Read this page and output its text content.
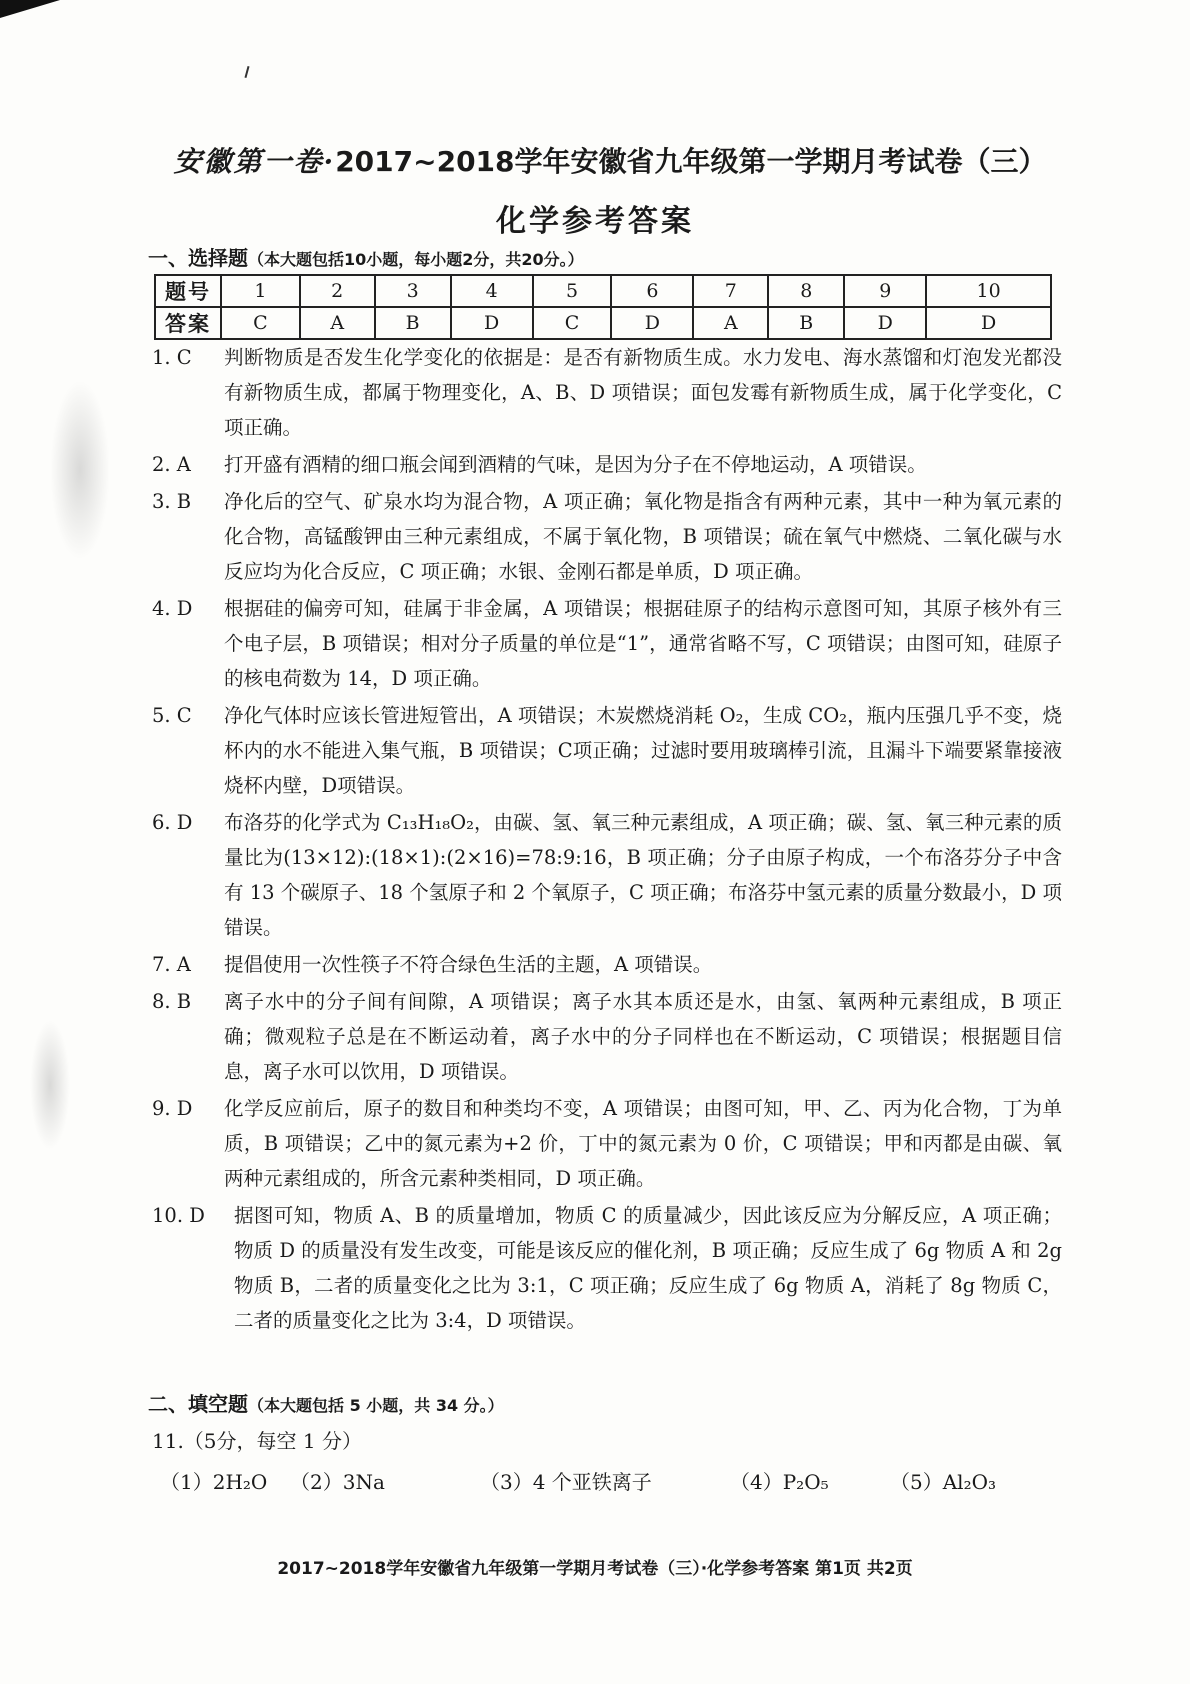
安徽第一卷· 2017~2018学年安徽省九年级第一学期月考试卷（三）
化学参考答案
一、选择题（本大题包括10小题，每小题2分，共20分。）
题号	1	2	3	4	5	6	7	8	9	10
答案	C	A	B	D	C	D	A	B	D	D
1. C	判断物质是否发生化学变化的依据是：是否有新物质生成。水力发电、海水蒸馏和灯泡发光都没有新物质生成，都属于物理变化，A、B、D 项错误；面包发霉有新物质生成，属于化学变化，C 项正确。
2. A	打开盛有酒精的细口瓶会闻到酒精的气味，是因为分子在不停地运动，A 项错误。
3. B	净化后的空气、矿泉水均为混合物，A 项正确；氧化物是指含有两种元素，其中一种为氧元素的化合物，高锰酸钾由三种元素组成，不属于氧化物，B 项错误；硫在氧气中燃烧、二氧化碳与水反应均为化合反应，C 项正确；水银、金刚石都是单质，D 项正确。
4. D	根据硅的偏旁可知，硅属于非金属，A 项错误；根据硅原子的结构示意图可知，其原子核外有三个电子层，B 项错误；相对分子质量的单位是“1”，通常省略不写，C 项错误；由图可知，硅原子的核电荷数为 14，D 项正确。
5. C	净化气体时应该长管进短管出，A 项错误；木炭燃烧消耗 O₂，生成 CO₂，瓶内压强几乎不变，烧杯内的水不能进入集气瓶，B 项错误；C项正确；过滤时要用玻璃棒引流，且漏斗下端要紧靠接液烧杯内壁，D项错误。
6. D	布洛芬的化学式为 C₁₃H₁₈O₂，由碳、氢、氧三种元素组成，A 项正确；碳、氢、氧三种元素的质量比为(13×12):(18×1):(2×16)=78:9:16，B 项正确；分子由原子构成，一个布洛芬分子中含有 13 个碳原子、18 个氢原子和 2 个氧原子，C 项正确；布洛芬中氢元素的质量分数最小，D 项错误。
7. A	提倡使用一次性筷子不符合绿色生活的主题，A 项错误。
8. B	离子水中的分子间有间隙，A 项错误；离子水其本质还是水，由氢、氧两种元素组成，B 项正确；微观粒子总是在不断运动着，离子水中的分子同样也在不断运动，C 项错误；根据题目信息，离子水可以饮用，D 项错误。
9. D	化学反应前后，原子的数目和种类均不变，A 项错误；由图可知，甲、乙、丙为化合物，丁为单质，B 项错误；乙中的氮元素为+2 价，丁中的氮元素为 0 价，C 项错误；甲和丙都是由碳、氧两种元素组成的，所含元素种类相同，D 项正确。
10. D	据图可知，物质 A、B 的质量增加，物质 C 的质量减少，因此该反应为分解反应，A 项正确；物质 D 的质量没有发生改变，可能是该反应的催化剂，B 项正确；反应生成了 6g 物质 A 和 2g 物质 B，二者的质量变化之比为 3:1，C 项正确；反应生成了 6g 物质 A，消耗了 8g 物质 C，二者的质量变化之比为 3:4，D 项错误。
二、填空题（本大题包括 5 小题，共 34 分。）
11.（5分，每空 1 分）
（1）2H₂O	（2）3Na	（3）4 个亚铁离子	（4）P₂O₅	（5）Al₂O₃
2017~2018学年安徽省九年级第一学期月考试卷（三）·化学参考答案 第1页 共2页
